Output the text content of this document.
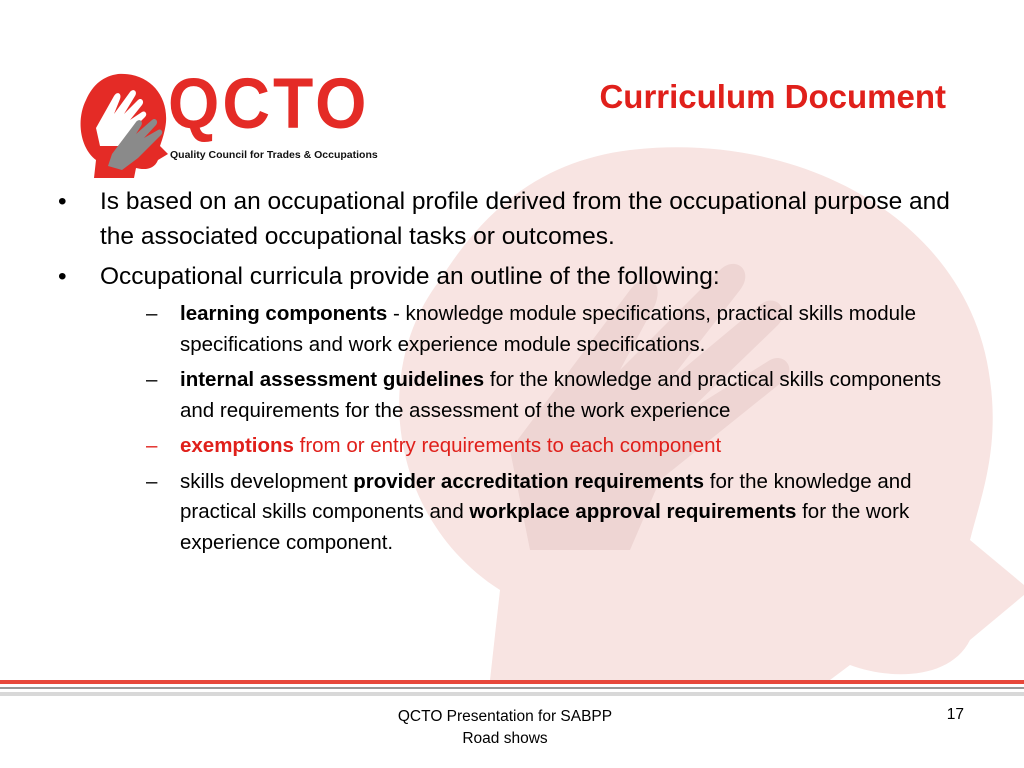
QCTO
Quality Council for Trades & Occupations
Curriculum Document
• Is based on an occupational profile derived from the occupational purpose and the associated occupational tasks or outcomes.
• Occupational curricula provide an outline of the following:
– learning components - knowledge module specifications, practical skills module specifications and work experience module specifications.
– internal assessment guidelines for the knowledge and practical skills components and requirements for the assessment of the work experience
– exemptions from or entry requirements to each component
– skills development provider accreditation requirements for the knowledge and practical skills components and workplace approval requirements for the work experience component.
QCTO Presentation for SABPP
Road shows
17
